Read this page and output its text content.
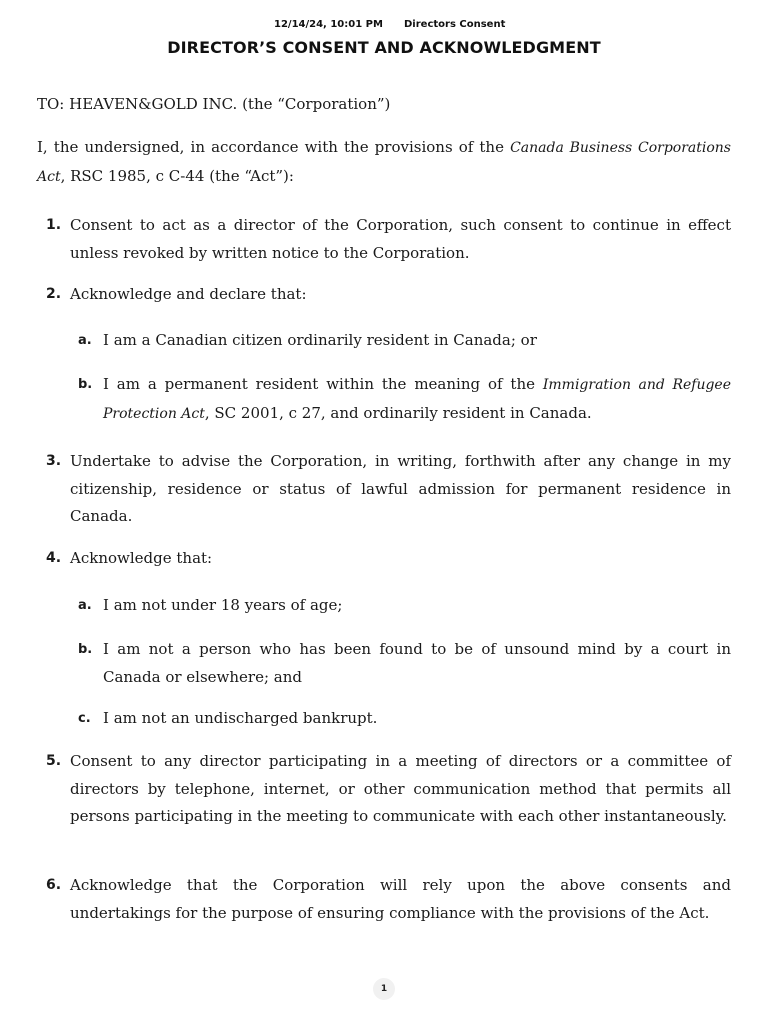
12/14/24, 10:01 PM Directors Consent
DIRECTOR’S CONSENT AND ACKNOWLEDGMENT
TO: HEAVEN&GOLD INC. (the “Corporation”)
I, the undersigned, in accordance with the provisions of the Canada Business Corporations Act, RSC 1985, c C-44 (the “Act”):
1. Consent to act as a director of the Corporation, such consent to continue in effect unless revoked by written notice to the Corporation.
2. Acknowledge and declare that:
a. I am a Canadian citizen ordinarily resident in Canada; or
b. I am a permanent resident within the meaning of the Immigration and Refugee Protection Act, SC 2001, c 27, and ordinarily resident in Canada.
3. Undertake to advise the Corporation, in writing, forthwith after any change in my citizenship, residence or status of lawful admission for permanent residence in Canada.
4. Acknowledge that:
a. I am not under 18 years of age;
b. I am not a person who has been found to be of unsound mind by a court in Canada or elsewhere; and
c. I am not an undischarged bankrupt.
5. Consent to any director participating in a meeting of directors or a committee of directors by telephone, internet, or other communication method that permits all persons participating in the meeting to communicate with each other instantaneously.
6. Acknowledge that the Corporation will rely upon the above consents and undertakings for the purpose of ensuring compliance with the provisions of the Act.
1
